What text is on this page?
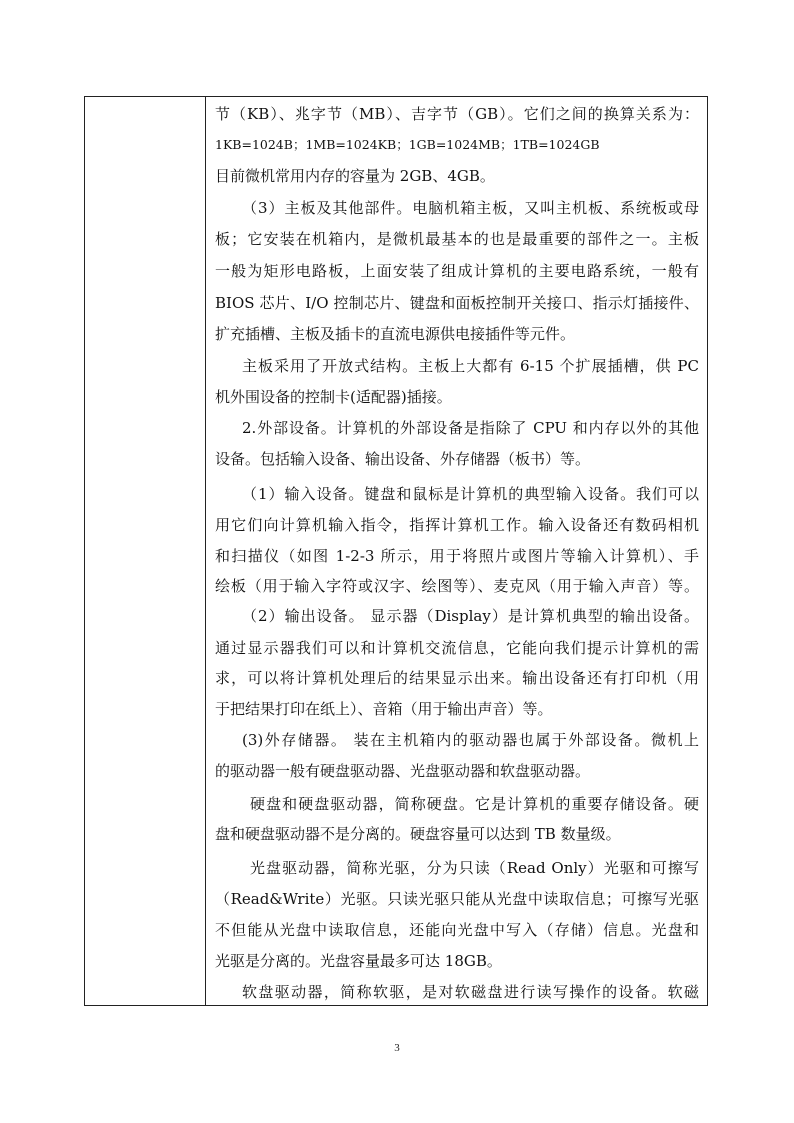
节（KB）、兆字节（MB）、吉字节（GB）。它们之间的换算关系为：
1KB=1024B；1MB=1024KB；1GB=1024MB；1TB=1024GB
目前微机常用内存的容量为 2GB、4GB。
（3）主板及其他部件。电脑机箱主板，又叫主机板、系统板或母
板；它安装在机箱内，是微机最基本的也是最重要的部件之一。主板
一般为矩形电路板，上面安装了组成计算机的主要电路系统，一般有
BIOS 芯片、I/O 控制芯片、键盘和面板控制开关接口、指示灯插接件、
扩充插槽、主板及插卡的直流电源供电接插件等元件。
主板采用了开放式结构。主板上大都有 6-15 个扩展插槽，供 PC
机外围设备的控制卡(适配器)插接。
2.外部设备。计算机的外部设备是指除了 CPU 和内存以外的其他
设备。包括输入设备、输出设备、外存储器（板书）等。
（1）输入设备。键盘和鼠标是计算机的典型输入设备。我们可以
用它们向计算机输入指令，指挥计算机工作。输入设备还有数码相机
和扫描仪（如图 1-2-3 所示，用于将照片或图片等输入计算机）、手
绘板（用于输入字符或汉字、绘图等）、麦克风（用于输入声音）等。
（2）输出设备。 显示器（Display）是计算机典型的输出设备。
通过显示器我们可以和计算机交流信息，它能向我们提示计算机的需
求，可以将计算机处理后的结果显示出来。输出设备还有打印机（用
于把结果打印在纸上）、音箱（用于输出声音）等。
(3)外存储器。 装在主机箱内的驱动器也属于外部设备。微机上
的驱动器一般有硬盘驱动器、光盘驱动器和软盘驱动器。
硬盘和硬盘驱动器，简称硬盘。它是计算机的重要存储设备。硬
盘和硬盘驱动器不是分离的。硬盘容量可以达到 TB 数量级。
光盘驱动器，简称光驱，分为只读（Read Only）光驱和可擦写
（Read&Write）光驱。只读光驱只能从光盘中读取信息；可擦写光驱
不但能从光盘中读取信息，还能向光盘中写入（存储）信息。光盘和
光驱是分离的。光盘容量最多可达 18GB。
软盘驱动器，简称软驱，是对软磁盘进行读写操作的设备。软磁
3
